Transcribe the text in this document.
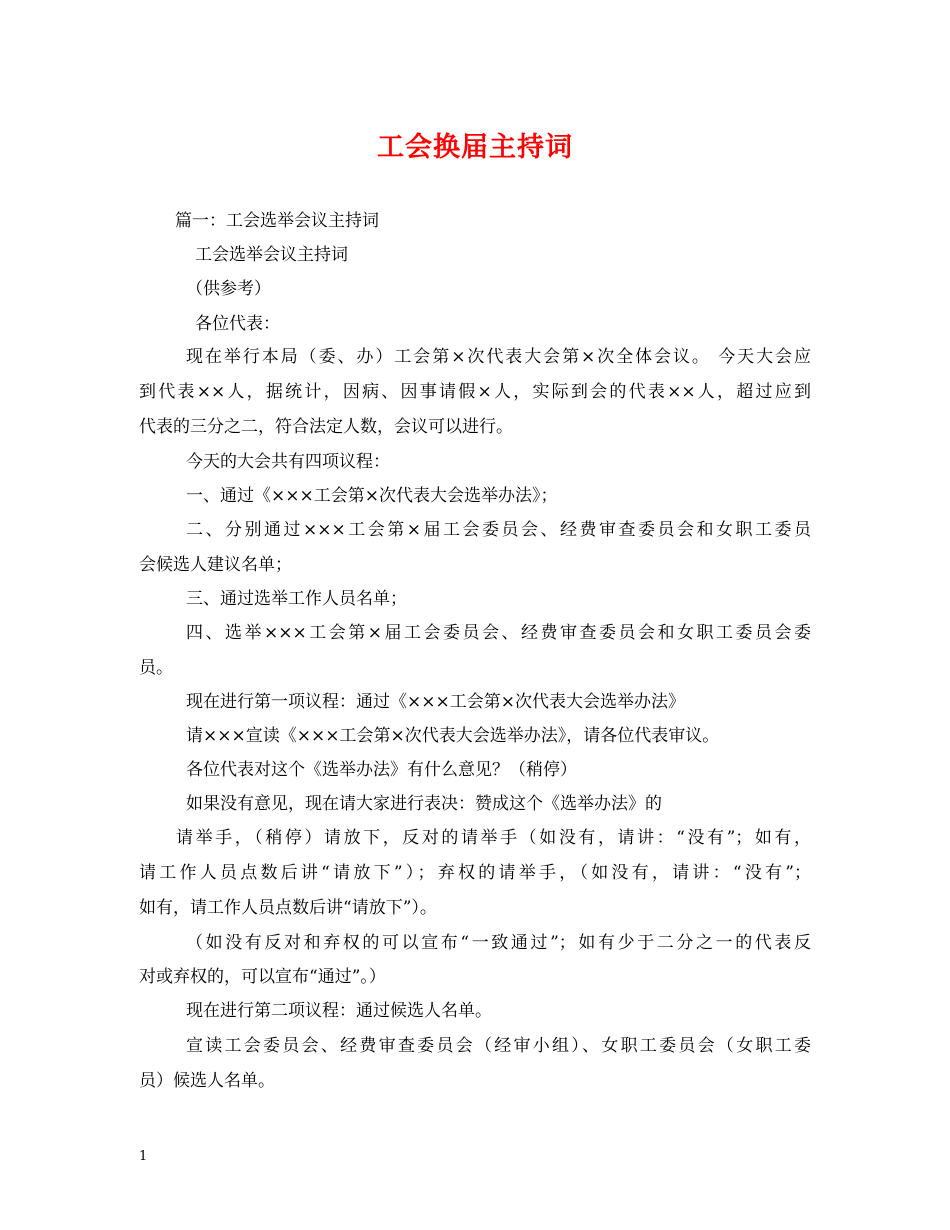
工会换届主持词
篇一：工会选举会议主持词
工会选举会议主持词
（供参考）
各位代表：
现在举行本局（委、办）工会第×次代表大会第×次全体会议。 今天大会应
到代表××人，据统计，因病、因事请假×人，实际到会的代表××人，超过应到
代表的三分之二，符合法定人数，会议可以进行。
今天的大会共有四项议程：
一、通过《×××工会第×次代表大会选举办法》；
二、分别通过×××工会第×届工会委员会、经费审查委员会和女职工委员
会候选人建议名单；
三、通过选举工作人员名单；
四、选举×××工会第×届工会委员会、经费审查委员会和女职工委员会委
员。
现在进行第一项议程：通过《×××工会第×次代表大会选举办法》
请×××宣读《×××工会第×次代表大会选举办法》，请各位代表审议。
各位代表对这个《选举办法》有什么意见？（稍停）
如果没有意见，现在请大家进行表决：赞成这个《选举办法》的
请举手，（稍停）请放下，反对的请举手（如没有，请讲：“没有”；如有，
请工作人员点数后讲“请放下”）；弃权的请举手，（如没有，请讲：“没有”；
如有，请工作人员点数后讲“请放下”）。
（如没有反对和弃权的可以宣布“一致通过”；如有少于二分之一的代表反
对或弃权的，可以宣布“通过”。）
现在进行第二项议程：通过候选人名单。
宣读工会委员会、经费审查委员会（经审小组）、女职工委员会（女职工委
员）候选人名单。
1
